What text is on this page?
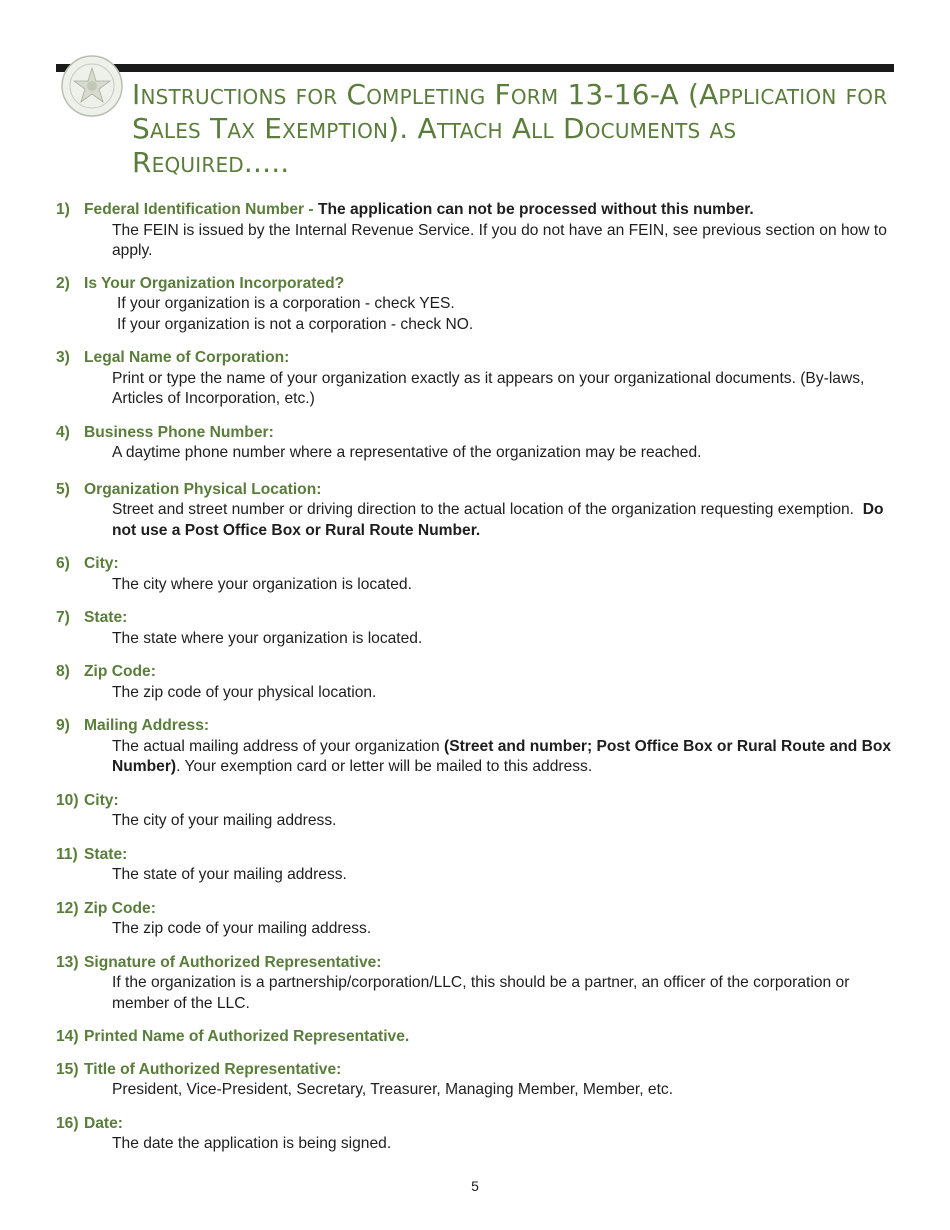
Instructions for Completing Form 13-16-A (Application for Sales Tax Exemption). Attach All Documents as Required.....
1) Federal Identification Number - The application can not be processed without this number.
The FEIN is issued by the Internal Revenue Service. If you do not have an FEIN, see previous section on how to apply.
2) Is Your Organization Incorporated?
If your organization is a corporation - check YES.
If your organization is not a corporation - check NO.
3) Legal Name of Corporation:
Print or type the name of your organization exactly as it appears on your organizational documents. (By-laws, Articles of Incorporation, etc.)
4) Business Phone Number:
A daytime phone number where a representative of the organization may be reached.
5) Organization Physical Location:
Street and street number or driving direction to the actual location of the organization requesting exemption. Do not use a Post Office Box or Rural Route Number.
6) City:
The city where your organization is located.
7) State:
The state where your organization is located.
8) Zip Code:
The zip code of your physical location.
9) Mailing Address:
The actual mailing address of your organization (Street and number; Post Office Box or Rural Route and Box Number). Your exemption card or letter will be mailed to this address.
10) City:
The city of your mailing address.
11) State:
The state of your mailing address.
12) Zip Code:
The zip code of your mailing address.
13) Signature of Authorized Representative:
If the organization is a partnership/corporation/LLC, this should be a partner, an officer of the corporation or member of the LLC.
14) Printed Name of Authorized Representative.
15) Title of Authorized Representative:
President, Vice-President, Secretary, Treasurer, Managing Member, Member, etc.
16) Date:
The date the application is being signed.
5
